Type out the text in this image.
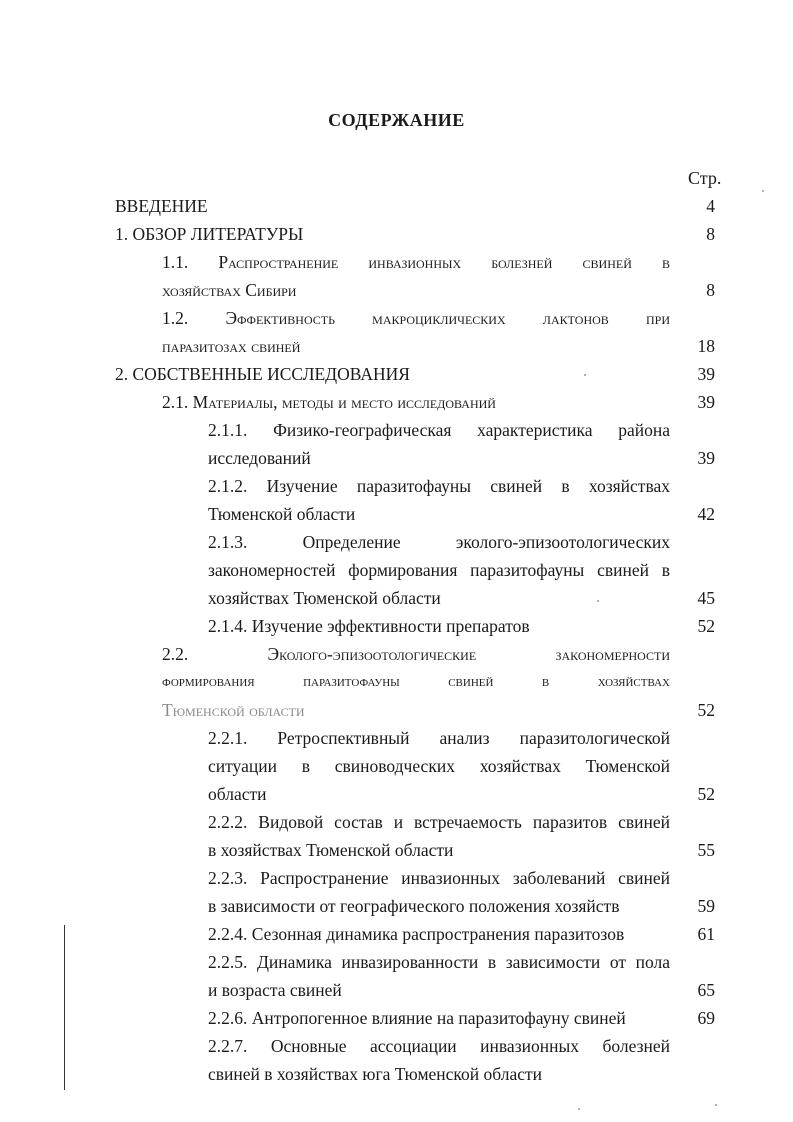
СОДЕРЖАНИЕ
Стр.
ВВЕДЕНИЕ	4
1. ОБЗОР ЛИТЕРАТУРЫ	8
1.1. Распространение инвазионных болезней свиней в
хозяйствах Сибири	8
1.2. Эффективность макроциклических лактонов при
паразитозах свиней	18
2. СОБСТВЕННЫЕ ИССЛЕДОВАНИЯ	39
2.1. Материалы, методы и место исследований	39
2.1.1. Физико-географическая характеристика района
исследований	39
2.1.2. Изучение паразитофауны свиней в хозяйствах
Тюменской области	42
2.1.3. Определение эколого-эпизоотологических
закономерностей формирования паразитофауны свиней в
хозяйствах Тюменской области	45
2.1.4. Изучение эффективности препаратов	52
2.2. Эколого-эпизоотологические закономерности
формирования паразитофауны свиней в хозяйствах
Тюменской области	52
2.2.1. Ретроспективный анализ паразитологической
ситуации в свиноводческих хозяйствах Тюменской
области	52
2.2.2. Видовой состав и встречаемость паразитов свиней
в хозяйствах Тюменской области	55
2.2.3. Распространение инвазионных заболеваний свиней
в зависимости от географического положения хозяйств	59
2.2.4. Сезонная динамика распространения паразитозов	61
2.2.5. Динамика инвазированности в зависимости от пола
и возраста свиней	65
2.2.6. Антропогенное влияние на паразитофауну свиней	69
2.2.7. Основные ассоциации инвазионных болезней
свиней в хозяйствах юга Тюменской области
